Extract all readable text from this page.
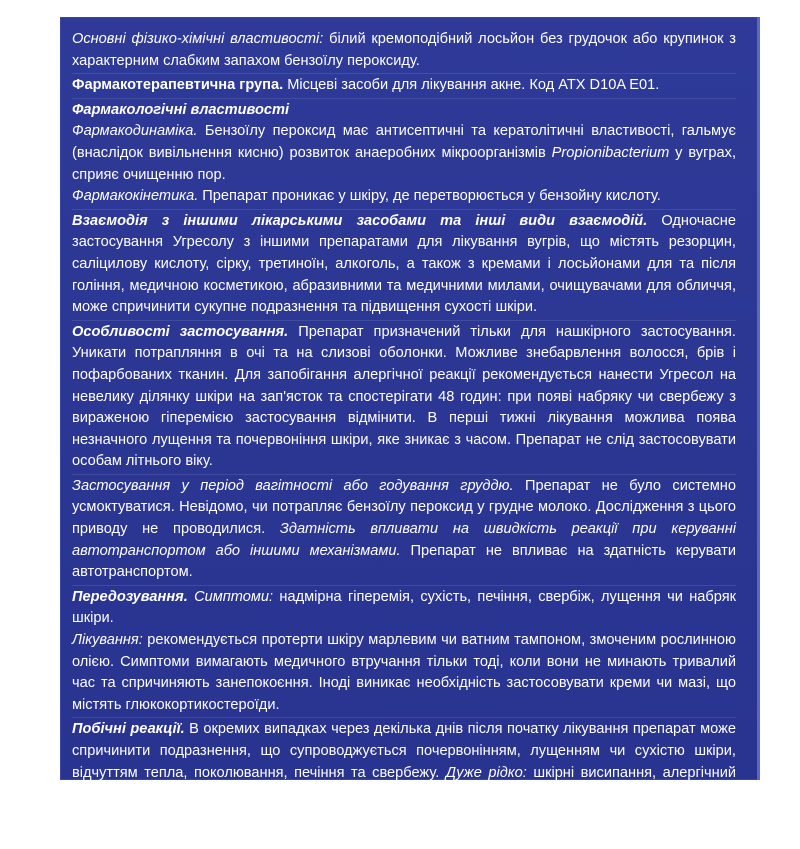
Основні фізико-хімічні властивості: білий кремоподібний лосьйон без грудочок або крупинок з характерним слабким запахом бензоїлу пероксиду.

Фармакотерапевтична група. Місцеві засоби для лікування акне. Код АТХ D10A E01.

Фармакологічні властивості

Фармакодинаміка. Бензоїлу пероксид має антисептичні та кератолітичні властивості, гальмує (внаслідок вивільнення кисню) розвиток анаеробних мікроорганізмів Propionibacterium у вуграх, сприяє очищенню пор.

Фармакокінетика. Препарат проникає у шкіру, де перетворюється у бензойну кислоту.

Взаємодія з іншими лікарськими засобами та інші види взаємодій. Одночасне застосування Угресолу з іншими препаратами для лікування вугрів, що містять резорцин, саліцилову кислоту, сірку, третиноїн, алкоголь, а також з кремами і лосьйонами для та після гоління, медичною косметикою, абразивними та медичними милами, очищувачами для обличчя, може спричинити сукупне подразнення та підвищення сухості шкіри.

Особливості застосування. Препарат призначений тільки для нашкірного застосування. Уникати потрапляння в очі та на слизові оболонки. Можливе знебарвлення волосся, брів і пофарбованих тканин. Для запобігання алергічної реакції рекомендується нанести Угресол на невелику ділянку шкіри на зап'ясток та спостерігати 48 годин: при появі набряку чи свербежу з вираженою гіперемією застосування відмінити. В перші тижні лікування можлива поява незначного лущення та почервоніння шкіри, яке зникає з часом. Препарат не слід застосовувати особам літнього віку.

Застосування у період вагітності або годування груддю. Препарат не було системно усмоктуватися. Невідомо, чи потрапляє бензоїлу пероксид у грудне молоко. Дослідження з цього приводу не проводилися. Здатність впливати на швидкість реакції при керуванні автотранспортом або іншими механізмами. Препарат не впливає на здатність керувати автотранспортом.

Передозування. Симптоми: надмірна гіперемія, сухість, печіння, свербіж, лущення чи набряк шкіри.

Лікування: рекомендується протерти шкіру марлевим чи ватним тампоном, змоченим рослинною олією. Симптоми вимагають медичного втручання тільки тоді, коли вони не минають тривалий час та спричиняють занепокоєння. Іноді виникає необхідність застосовувати креми чи мазі, що містять глюкокортикостероїди.

Побічні реакції. В окремих випадках через декілька днів після початку лікування препарат може спричинити подразнення, що супроводжується почервонінням, лущенням чи сухістю шкіри, відчуттям тепла, поколювання, печіння та свербежу. Дуже рідко: шкірні висипання, алергічний контактний дерматит (печіння, утворення пухирів і кірок, свербіж, почервоніння або набряк). Невелике подразнення можна зняти, скоротивши частоту застосування препарату (1 раз на день або через день). При сильному подразненні слід припинити застосування лосьйону.
